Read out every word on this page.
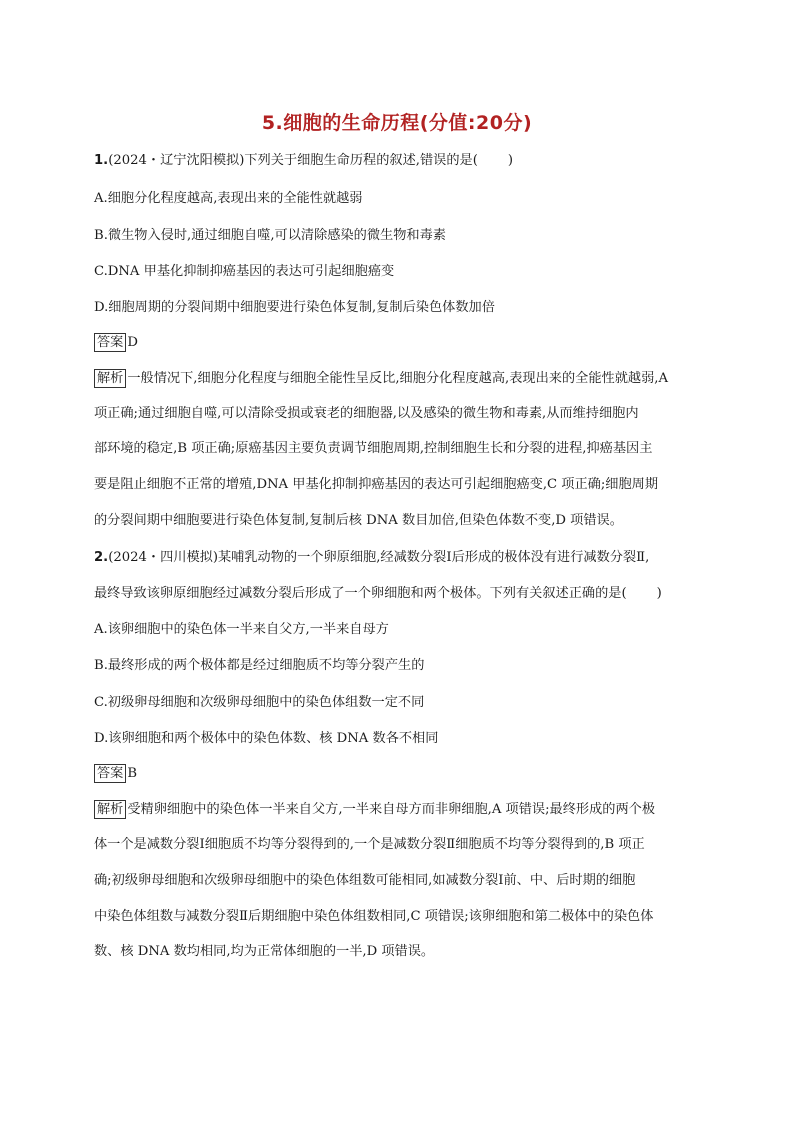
5.细胞的生命历程(分值:20分)
1.(2024・辽宁沈阳模拟)下列关于细胞生命历程的叙述,错误的是( )
A.细胞分化程度越高,表现出来的全能性就越弱
B.微生物入侵时,通过细胞自噬,可以清除感染的微生物和毒素
C.DNA 甲基化抑制抑癌基因的表达可引起细胞癌变
D.细胞周期的分裂间期中细胞要进行染色体复制,复制后染色体数加倍
答案 D
解析 一般情况下,细胞分化程度与细胞全能性呈反比,细胞分化程度越高,表现出来的全能性就越弱,A
项正确;通过细胞自噬,可以清除受损或衰老的细胞器,以及感染的微生物和毒素,从而维持细胞内
部环境的稳定,B 项正确;原癌基因主要负责调节细胞周期,控制细胞生长和分裂的进程,抑癌基因主
要是阻止细胞不正常的增殖,DNA 甲基化抑制抑癌基因的表达可引起细胞癌变,C 项正确;细胞周期
的分裂间期中细胞要进行染色体复制,复制后核 DNA 数目加倍,但染色体数不变,D 项错误。
2.(2024・四川模拟)某哺乳动物的一个卵原细胞,经减数分裂Ⅰ后形成的极体没有进行减数分裂Ⅱ,
最终导致该卵原细胞经过减数分裂后形成了一个卵细胞和两个极体。下列有关叙述正确的是( )
A.该卵细胞中的染色体一半来自父方,一半来自母方
B.最终形成的两个极体都是经过细胞质不均等分裂产生的
C.初级卵母细胞和次级卵母细胞中的染色体组数一定不同
D.该卵细胞和两个极体中的染色体数、核 DNA 数各不相同
答案 B
解析 受精卵细胞中的染色体一半来自父方,一半来自母方而非卵细胞,A 项错误;最终形成的两个极
体一个是减数分裂Ⅰ细胞质不均等分裂得到的,一个是减数分裂Ⅱ细胞质不均等分裂得到的,B 项正
确;初级卵母细胞和次级卵母细胞中的染色体组数可能相同,如减数分裂Ⅰ前、中、后时期的细胞
中染色体组数与减数分裂Ⅱ后期细胞中染色体组数相同,C 项错误;该卵细胞和第二极体中的染色体
数、核 DNA 数均相同,均为正常体细胞的一半,D 项错误。
